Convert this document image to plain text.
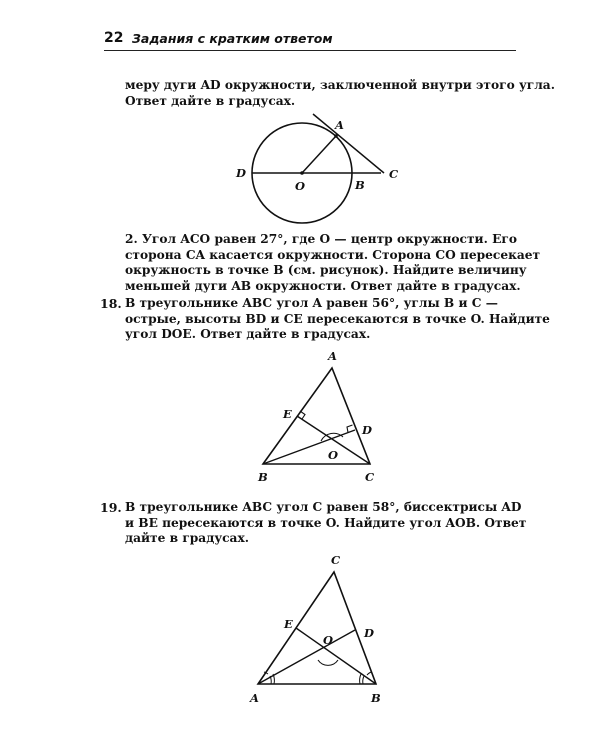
22 Задания с кратким ответом
меру дуги AD окружности, заключенной внутри этого угла.
Ответ дайте в градусах.
A
D
O	B
C
2. Угол ACO равен 27°, где O — центр окружности. Его
сторона CA касается окружности. Сторона CO пересекает
окружность в точке B (см. рисунок). Найдите величину
меньшей дуги AB окружности. Ответ дайте в градусах.
18. В треугольнике ABC угол A равен 56°, углы B и C —
острые, высоты BD и CE пересекаются в точке O. Найдите
угол DOE. Ответ дайте в градусах.
A
E
D
O
B	C
19. В треугольнике ABC угол C равен 58°, биссектрисы AD
и BE пересекаются в точке O. Найдите угол AOB. Ответ
дайте в градусах.
C
E
D
O
A	B
